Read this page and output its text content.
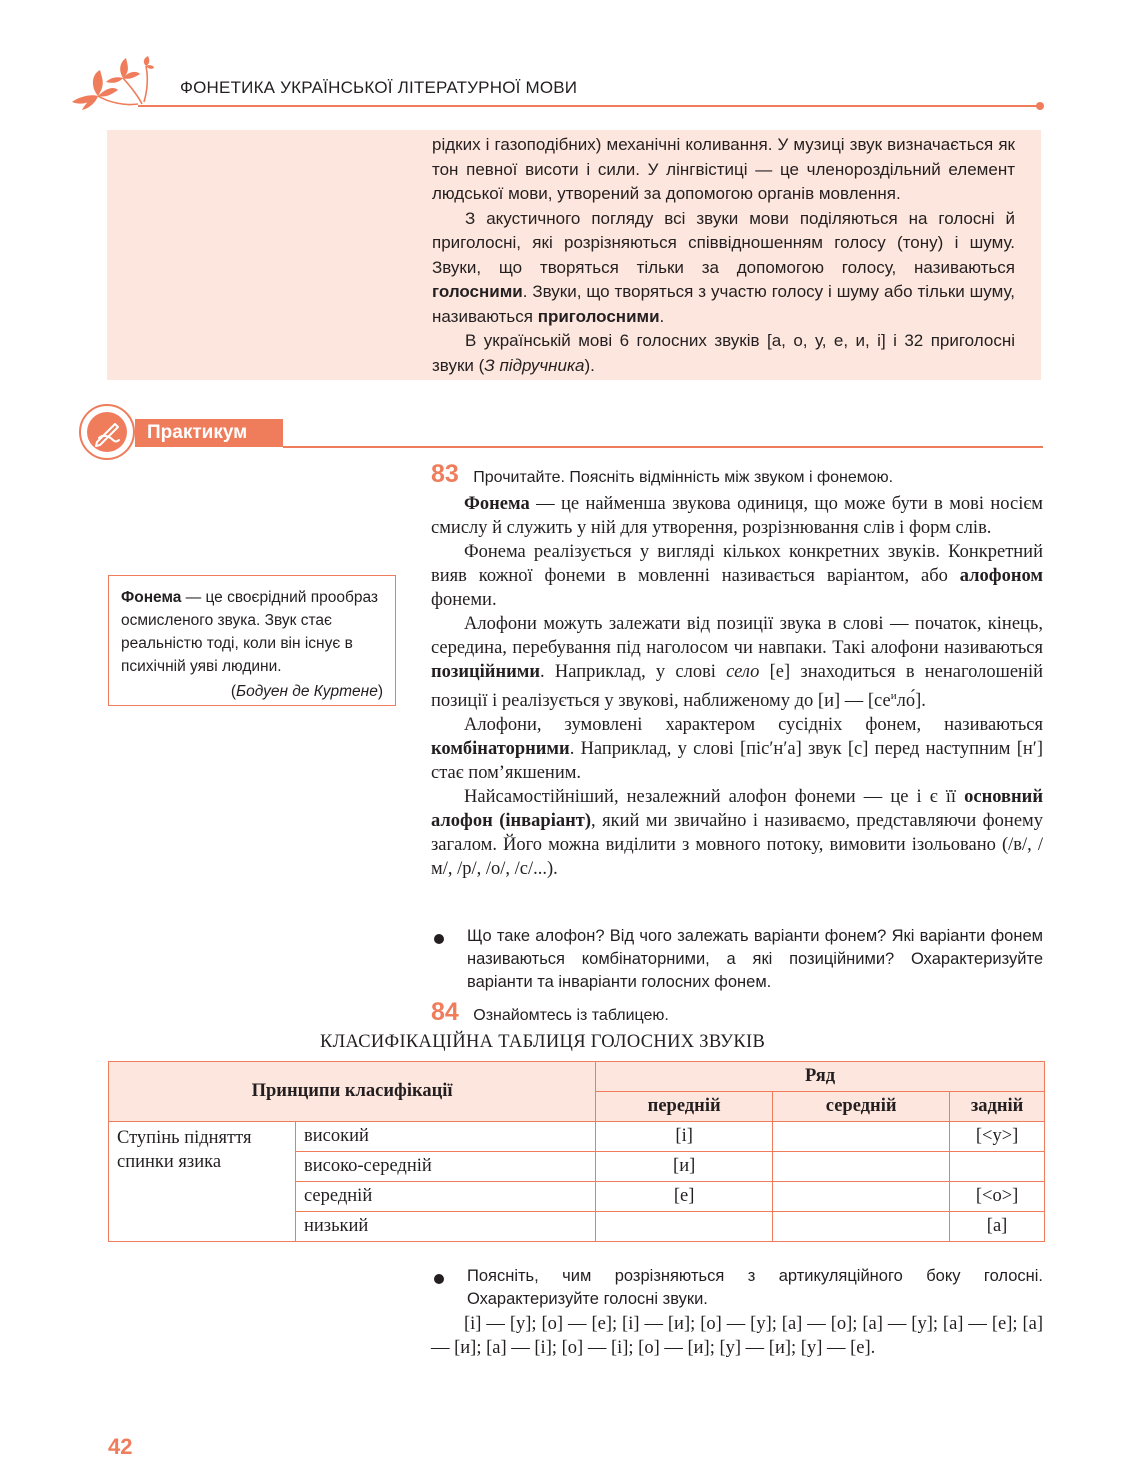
ФОНЕТИКА УКРАЇНСЬКОЇ ЛІТЕРАТУРНОЇ МОВИ

рідких і газоподібних) механічні коливання. У музиці звук визначається як тон певної висоти і сили. У лінгвістиці — це членороздільний елемент людської мови, утворений за допомогою органів мовлення.

З акустичного погляду всі звуки мови поділяються на голосні й приголосні, які розрізняються співвідношенням голосу (тону) і шуму. Звуки, що творяться тільки за допомогою голосу, називаються голосними. Звуки, що творяться з участю голосу і шуму або тільки шуму, називаються приголосними.

В українській мові 6 голосних звуків [а, о, у, е, и, і] і 32 приголосні звуки (З підручника).

Практикум
83 Прочитайте. Поясніть відмінність між звуком і фонемою.

Фонема — це найменша звукова одиниця, що може бути в мові носієм смислу й служить у ній для утворення, розрізнювання слів і форм слів.

Фонема реалізується у вигляді кількох конкретних звуків. Конкретний вияв кожної фонеми в мовленні називається варіантом, або алофоном фонеми.

Алофони можуть залежати від позиції звука в слові — початок, кінець, середина, перебування під наголосом чи навпаки. Такі алофони називаються позиційними. Наприклад, у слові село [е] знаходиться в ненаголошеній позиції і реалізується у звукові, наближеному до [и] — $[се^ило́]$.

Алофони, зумовлені характером сусідніх фонем, називаються комбінаторними. Наприклад, у слові [піс′н′а] звук [с] перед наступним [н′] стає пом’якшеним.

Найсамостійніший, незалежний алофон фонеми — це і є її основний алофон (інваріант), який ми звичайно і називаємо, представляючи фонему загалом. Його можна виділити з мовного потоку, вимовити ізольовано (/в/, /м/, /р/, /о/, /с/...).

Що таке алофон? Від чого залежать варіанти фонем? Які варіанти фонем називаються комбінаторними, а які позиційними? Охарактеризуйте варіанти та інваріанти голосних фонем.
Фонема — це своєрідний прообраз осмисленого звука. Звук стає реальністю тоді, коли він існує в психічній уяві людини.
(Бодуен де Куртене)
84 Ознайомтесь із таблицею.
КЛАСИФІКАЦІЙНА ТАБЛИЦЯ ГОЛОСНИХ ЗВУКІВ
Принципи класифікації		Ряд		
		передній	середній	задній
Ступінь підняття спинки язика	високий	[і]		[<у>]
	високо-середній	[и]		
	середній	[е]		[<о>]
	низький			[а]
Поясніть, чим розрізняються з артикуляційного боку голосні. Охарактеризуйте голосні звуки.

[і] — [у]; [о] — [е]; [і] — [и]; [о] — [у]; [а] — [о]; [а] — [у]; [а] — [е]; [а] — [и]; [а] — [і]; [о] — [і]; [о] — [и]; [у] — [и]; [у] — [е].

42
